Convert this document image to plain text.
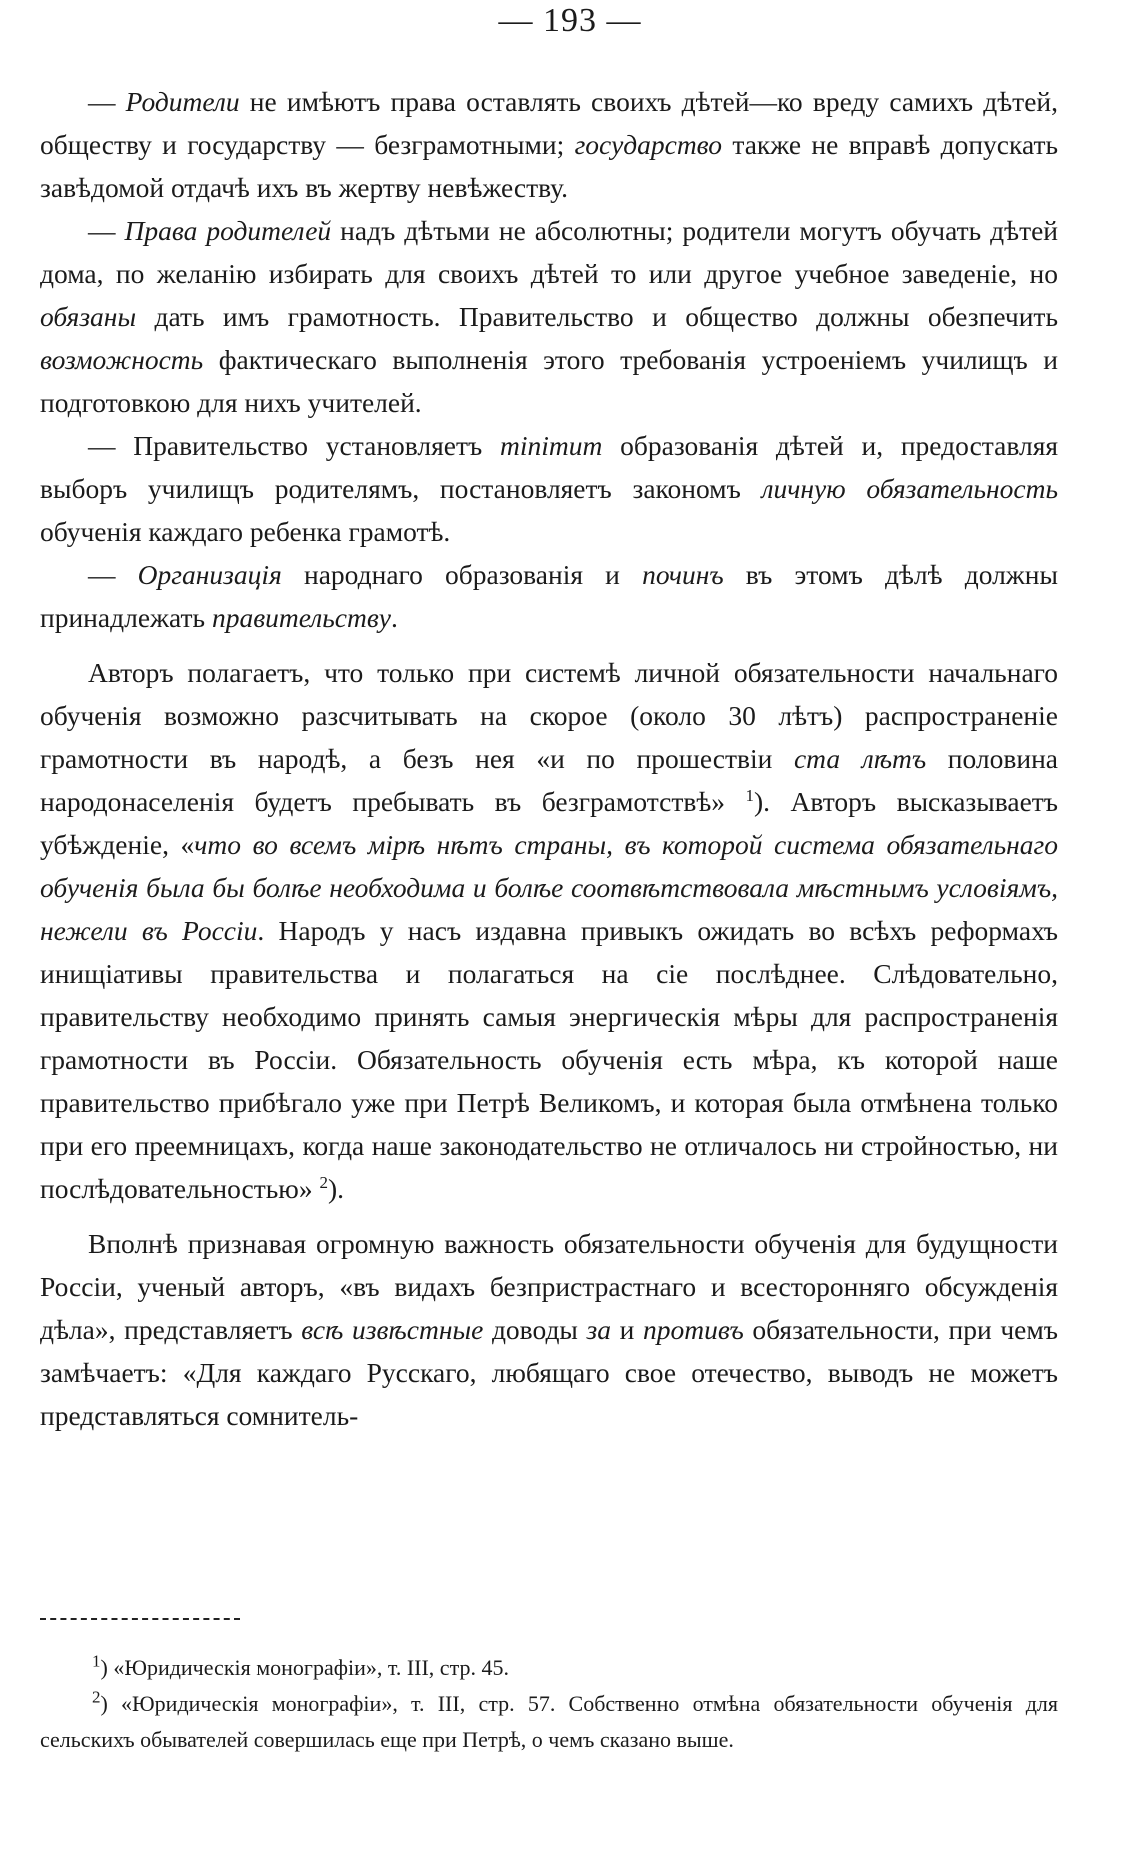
— 193 —

— Родители не имѣютъ права оставлять своихъ дѣтей—ко вреду самихъ дѣтей, обществу и государству — безграмотными; государство также не вправѣ допускать завѣдомой отдачѣ ихъ въ жертву невѣжеству.

— Права родителей надъ дѣтьми не абсолютны; родители могутъ обучать дѣтей дома, по желанію избирать для своихъ дѣтей то или другое учебное заведеніе, но обязаны дать имъ грамотность. Правительство и общество должны обезпечить возможность фактическаго выполненія этого требованія устроеніемъ училищъ и подготовкою для нихъ учителей.

— Правительство установляетъ minimum образованія дѣтей и, предоставляя выборъ училищъ родителямъ, постановляетъ закономъ личную обязательность обученія каждаго ребенка грамотѣ.

— Организація народнаго образованія и починъ въ этомъ дѣлѣ должны принадлежать правительству.

Авторъ полагаетъ, что только при системѣ личной обязательности начальнаго обученія возможно разсчитывать на скорое (около 30 лѣтъ) распространеніе грамотности въ народѣ, а безъ нея «и по прошествіи ста лѣтъ половина народонаселенія будетъ пребывать въ безграмотствѣ» $^1$). Авторъ высказываетъ убѣжденіе, «что во всемъ мірѣ нѣтъ страны, въ которой система обязательнаго обученія была бы болѣе необходима и болѣе соотвѣтствовала мѣстнымъ условіямъ, нежели въ Россіи. Народъ у насъ издавна привыкъ ожидать во всѣхъ реформахъ инищіативы правительства и полагаться на сіе послѣднее. Слѣдовательно, правительству необходимо принять самыя энергическія мѣры для распространенія грамотности въ Россіи. Обязательность обученія есть мѣра, къ которой наше правительство прибѣгало уже при Петрѣ Великомъ, и которая была отмѣнена только при его преемницахъ, когда наше законодательство не отличалось ни стройностью, ни послѣдовательностью» $^2$).

Вполнѣ признавая огромную важность обязательности обученія для будущности Россіи, ученый авторъ, «въ видахъ безпристрастнаго и всесторонняго обсужденія дѣла», представляетъ всѣ извѣстные доводы за и противъ обязательности, при чемъ замѣчаетъ: «Для каждаго Русскаго, любящаго свое отечество, выводъ не можетъ представляться сомнитель-

$^1$) «Юридическія монографіи», т. III, стр. 45.

$^2$) «Юридическія монографіи», т. III, стр. 57. Собственно отмѣна обязательности обученія для сельскихъ обывателей совершилась еще при Петрѣ, о чемъ сказано выше.
